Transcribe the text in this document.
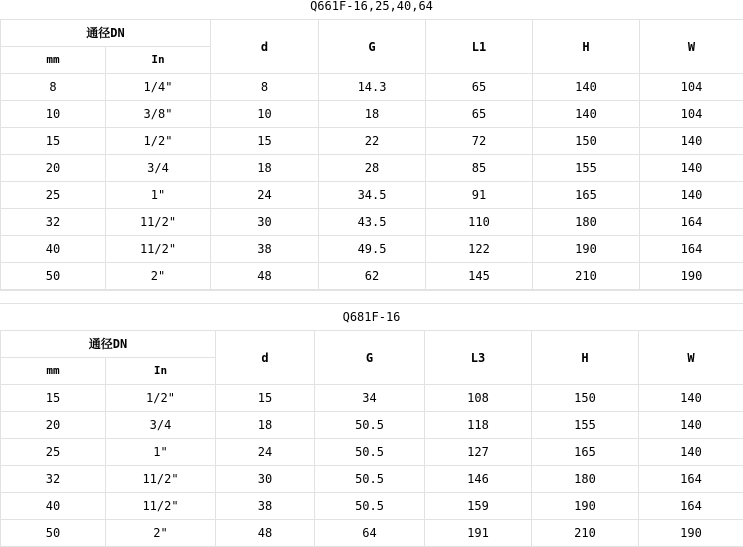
Q661F-16,25,40,64
通径DN		d	G	L1	H	W
mm	In					
8	1/4"	8	14.3	65	140	104
10	3/8"	10	18	65	140	104
15	1/2"	15	22	72	150	140
20	3/4	18	28	85	155	140
25	1"	24	34.5	91	165	140
32	11/2"	30	43.5	110	180	164
40	11/2"	38	49.5	122	190	164
50	2"	48	62	145	210	190
Q681F-16
通径DN		d	G	L3	H	W
mm	In					
15	1/2"	15	34	108	150	140
20	3/4	18	50.5	118	155	140
25	1"	24	50.5	127	165	140
32	11/2"	30	50.5	146	180	164
40	11/2"	38	50.5	159	190	164
50	2"	48	64	191	210	190
